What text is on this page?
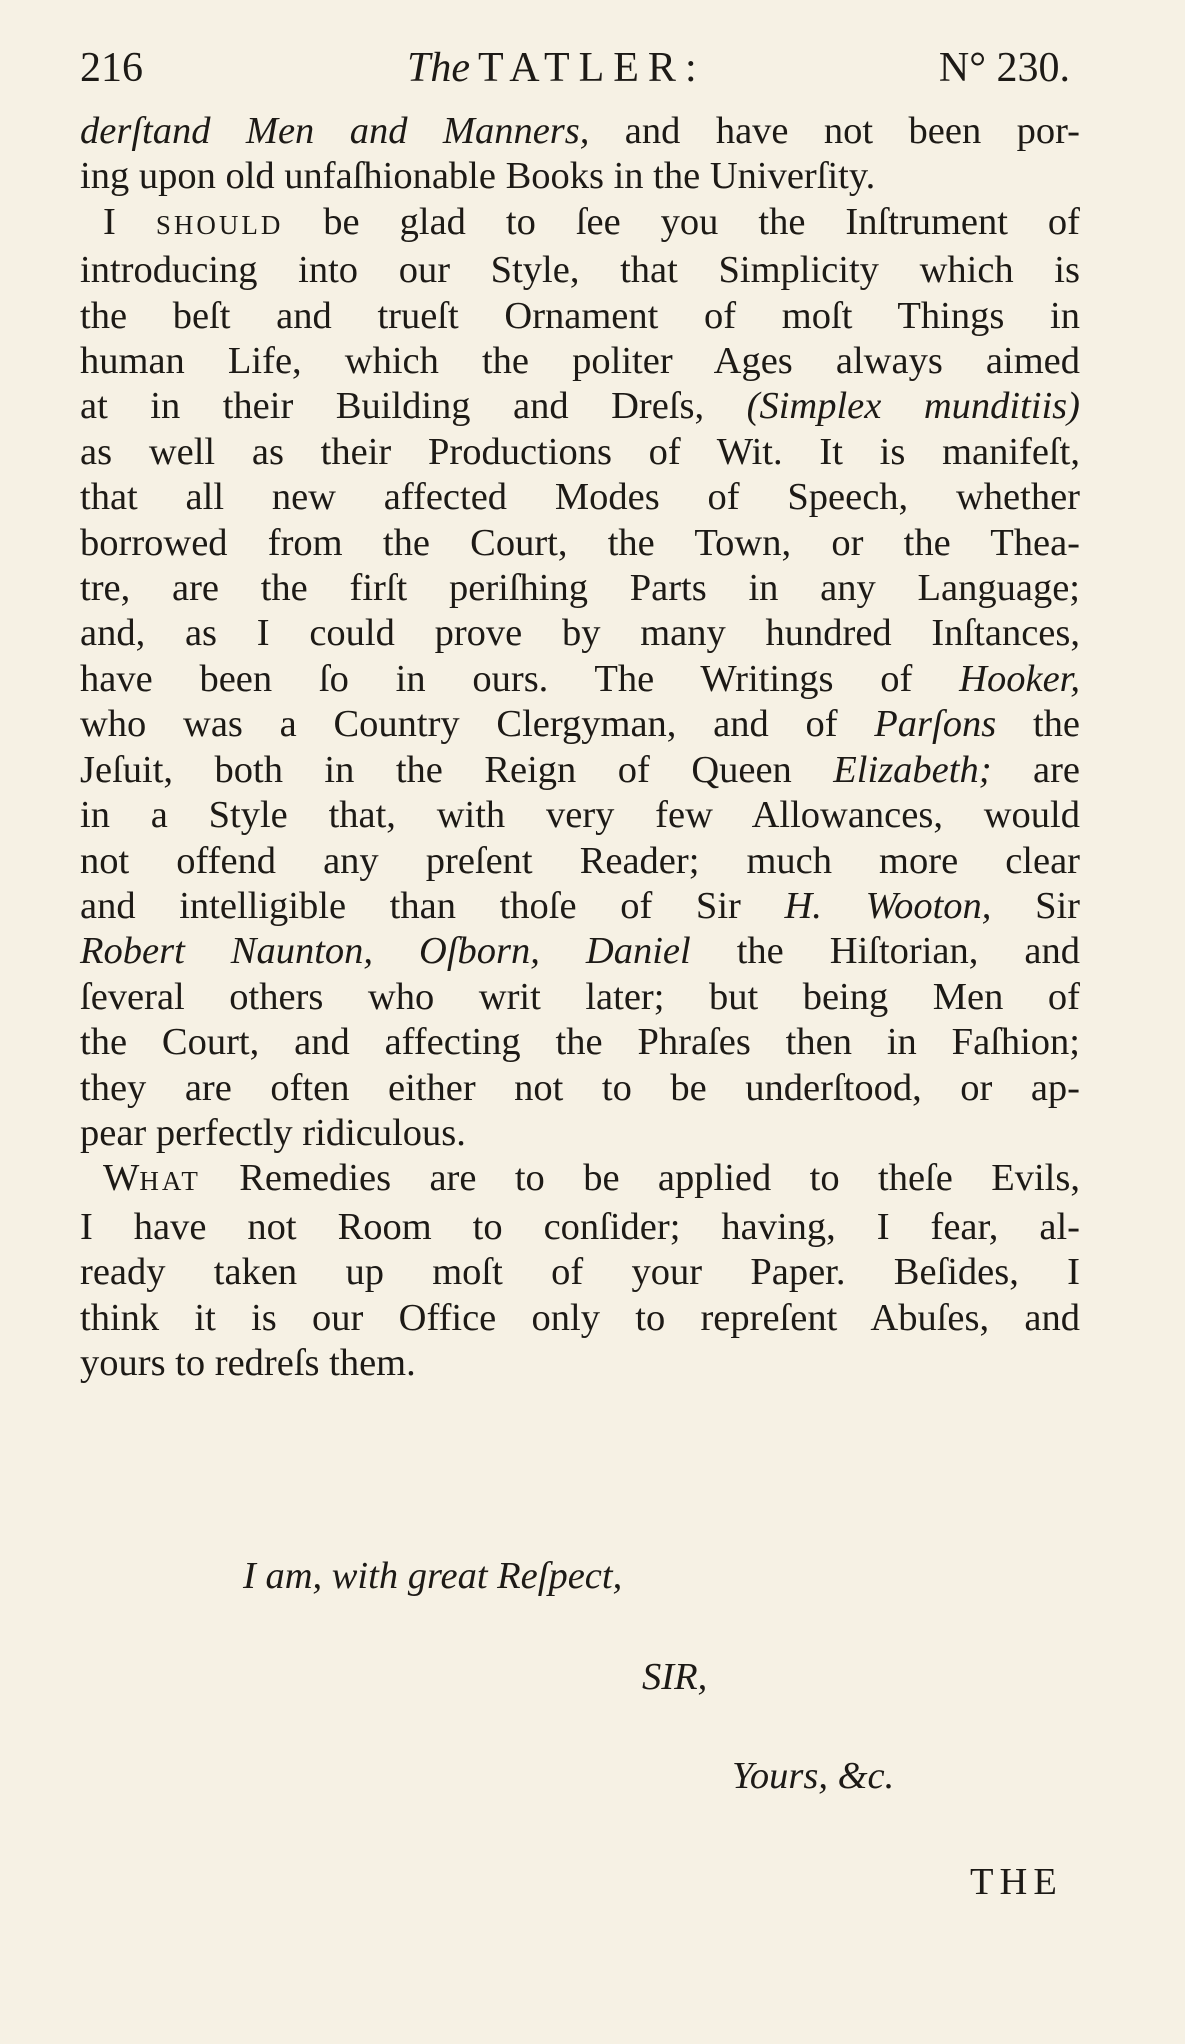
216	The TATLER:	N° 230.
derſtand Men and Manners, and have not been por-
ing upon old unfaſhionable Books in the Univerſity.
I SHOULD be glad to ſee you the Inſtrument of
introducing into our Style, that Simplicity which is
the beſt and trueſt Ornament of moſt Things in
human Life, which the politer Ages always aimed
at in their Building and Dreſs, (Simplex munditiis)
as well as their Productions of Wit. It is manifeſt,
that all new affected Modes of Speech, whether
borrowed from the Court, the Town, or the Thea-
tre, are the firſt periſhing Parts in any Language;
and, as I could prove by many hundred Inſtances,
have been ſo in ours. The Writings of Hooker,
who was a Country Clergyman, and of Parſons the
Jeſuit, both in the Reign of Queen Elizabeth; are
in a Style that, with very few Allowances, would
not offend any preſent Reader; much more clear
and intelligible than thoſe of Sir H. Wooton, Sir
Robert Naunton, Oſborn, Daniel the Hiſtorian, and
ſeveral others who writ later; but being Men of
the Court, and affecting the Phraſes then in Faſhion;
they are often either not to be underſtood, or ap-
pear perfectly ridiculous.
WHAT Remedies are to be applied to theſe Evils,
I have not Room to conſider; having, I fear, al-
ready taken up moſt of your Paper. Beſides, I
think it is our Office only to repreſent Abuſes, and
yours to redreſs them.
I am, with great Reſpect,
SIR,
Yours, &c.
THE
